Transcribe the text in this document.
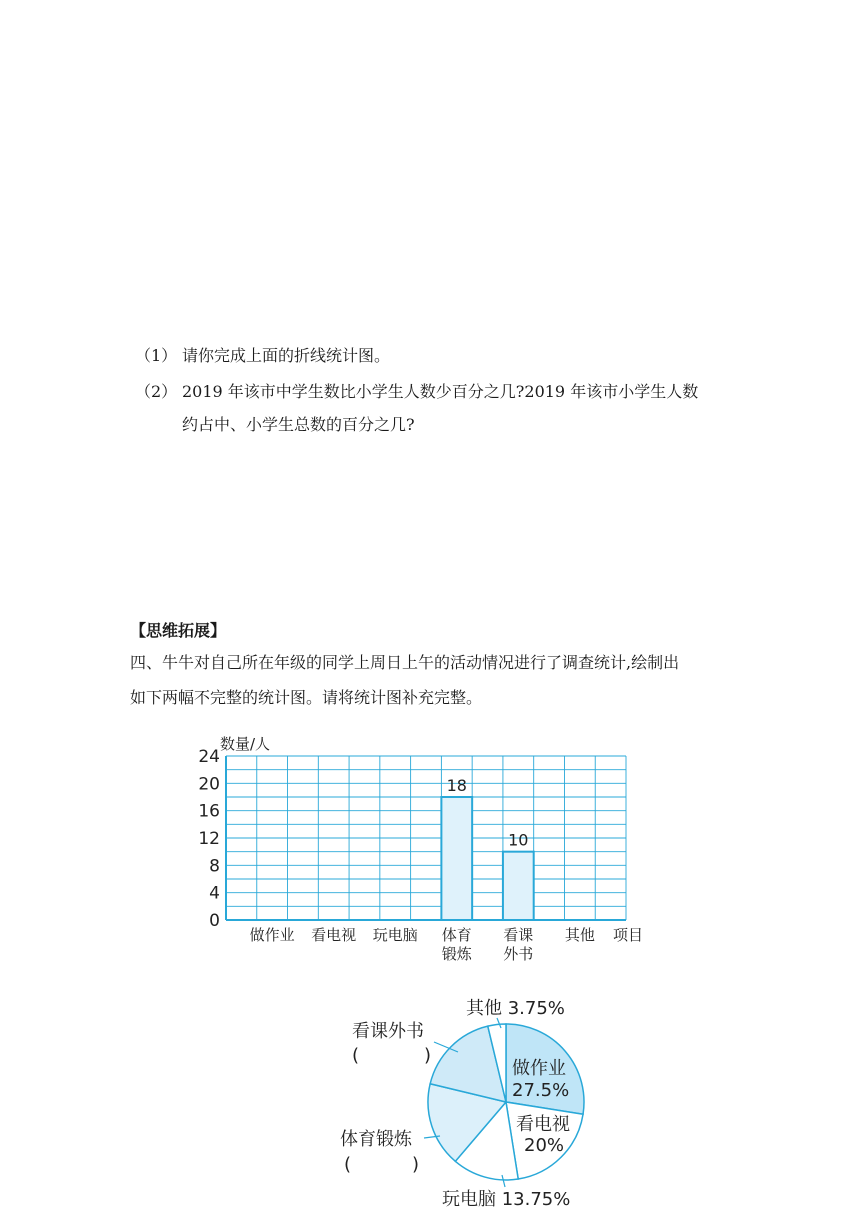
（1） 请你完成上面的折线统计图。
（2） 2019 年该市中学生数比小学生人数少百分之几?2019 年该市小学生人数
约占中、小学生总数的百分之几?
【思维拓展】
四、牛牛对自己所在年级的同学上周日上午的活动情况进行了调查统计,绘制出
如下两幅不完整的统计图。请将统计图补充完整。
0
4
8
12
16
20
24
数量/人
做作业 看电视 玩电脑
18
体育
锻炼
10
看课
外书
其他 项目
做作业
27.5%
看电视
20%
玩电脑 13.75%
其他 3.75%
看课外书
(	)
体育锻炼
(	)
